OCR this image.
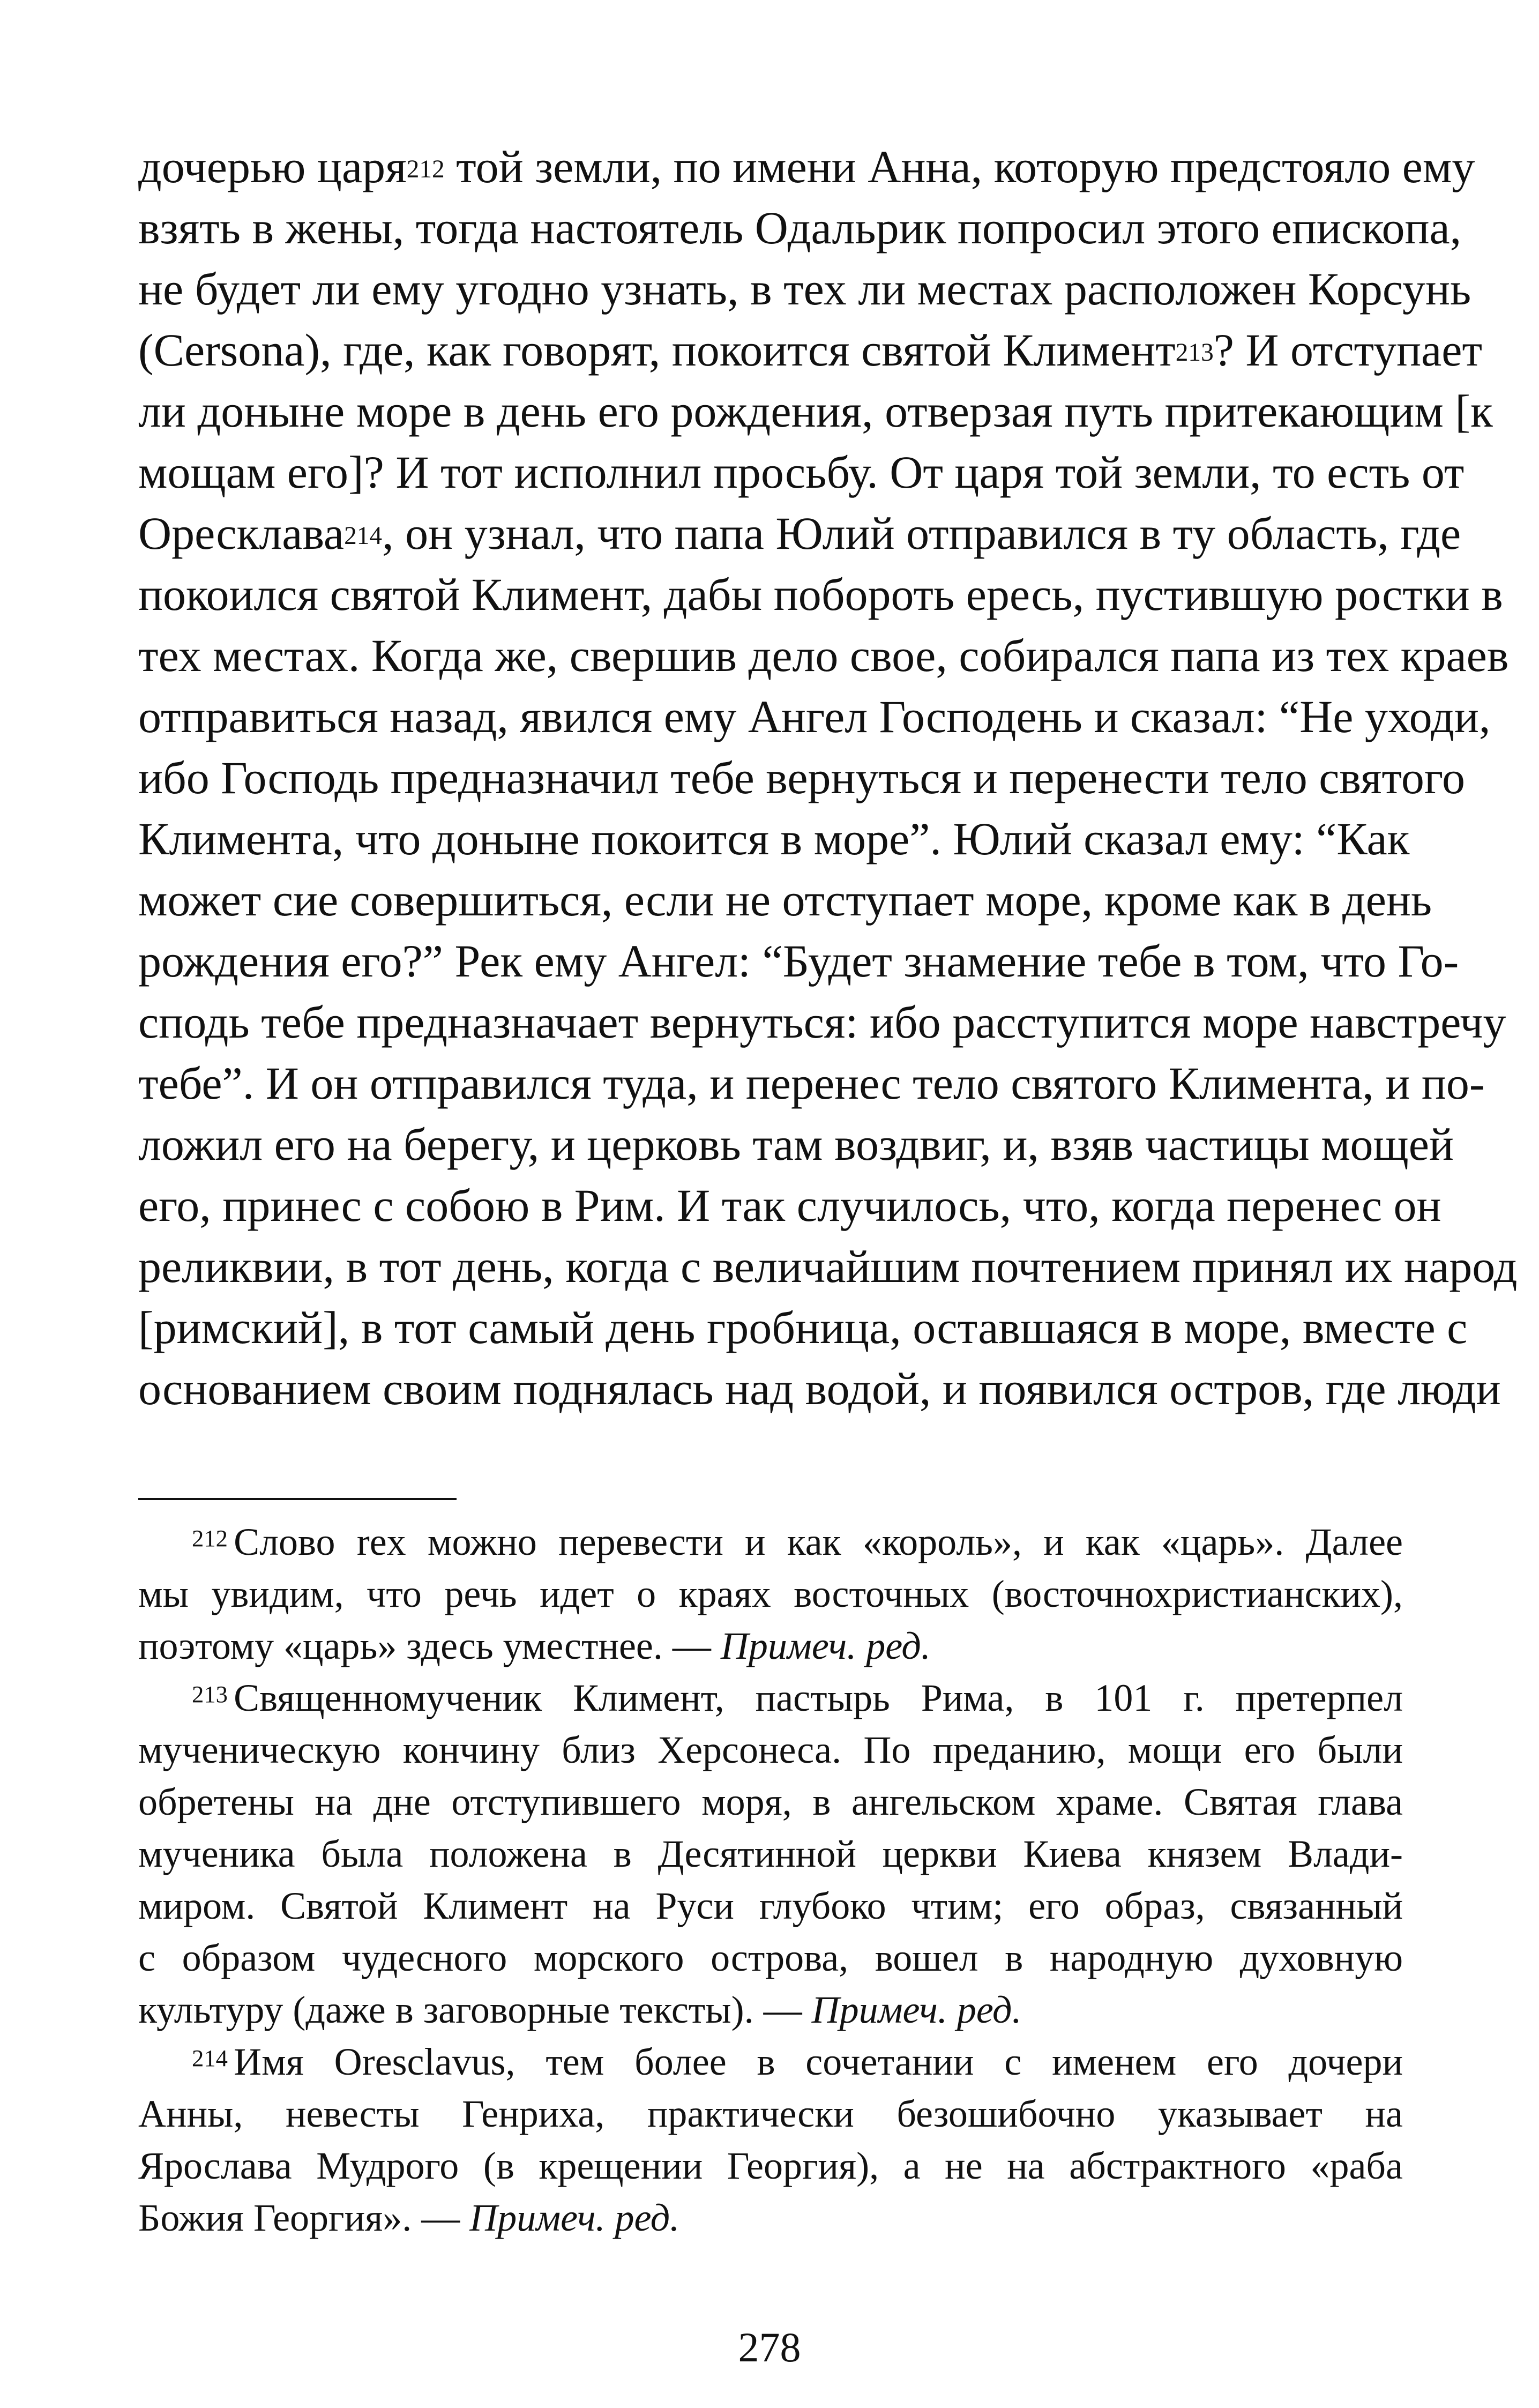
дочерью царя$^{212}$ той земли, по имени Анна, которую предстояло ему
взять в жены, тогда настоятель Одальрик попросил этого епископа,
не будет ли ему угодно узнать, в тех ли местах расположен Корсунь
(Cersona), где, как говорят, покоится святой Климент$^{213}$? И отступает
ли доныне море в день его рождения, отверзая путь притекающим [к
мощам его]? И тот исполнил просьбу. От царя той земли, то есть от
Оресклава$^{214}$, он узнал, что папа Юлий отправился в ту область, где
покоился святой Климент, дабы побороть ересь, пустившую ростки в
тех местах. Когда же, свершив дело свое, собирался папа из тех краев
отправиться назад, явился ему Ангел Господень и сказал: “Не уходи,
ибо Господь предназначил тебе вернуться и перенести тело святого
Климента, что доныне покоится в море”. Юлий сказал ему: “Как
может сие совершиться, если не отступает море, кроме как в день
рождения его?” Рек ему Ангел: “Будет знамение тебе в том, что Го-
сподь тебе предназначает вернуться: ибо расступится море навстречу
тебе”. И он отправился туда, и перенес тело святого Климента, и по-
ложил его на берегу, и церковь там воздвиг, и, взяв частицы мощей
его, принес с собою в Рим. И так случилось, что, когда перенес он
реликвии, в тот день, когда с величайшим почтением принял их народ
[римский], в тот самый день гробница, оставшаяся в море, вместе с
основанием своим поднялась над водой, и появился остров, где люди
$^{212}$ Слово rex можно перевести и как «король», и как «царь». Далее
мы увидим, что речь идет о краях восточных (восточнохристианских),
поэтому «царь» здесь уместнее. — Примеч. ред.
$^{213}$ Священномученик Климент, пастырь Рима, в 101 г. претерпел
мученическую кончину близ Херсонеса. По преданию, мощи его были
обретены на дне отступившего моря, в ангельском храме. Святая глава
мученика была положена в Десятинной церкви Киева князем Влади-
миром. Святой Климент на Руси глубоко чтим; его образ, связанный
с образом чудесного морского острова, вошел в народную духовную
культуру (даже в заговорные тексты). — Примеч. ред.
$^{214}$ Имя Oresclavus, тем более в сочетании с именем его дочери
Анны, невесты Генриха, практически безошибочно указывает на
Ярослава Мудрого (в крещении Георгия), а не на абстрактного «раба
Божия Георгия». — Примеч. ред.
278
